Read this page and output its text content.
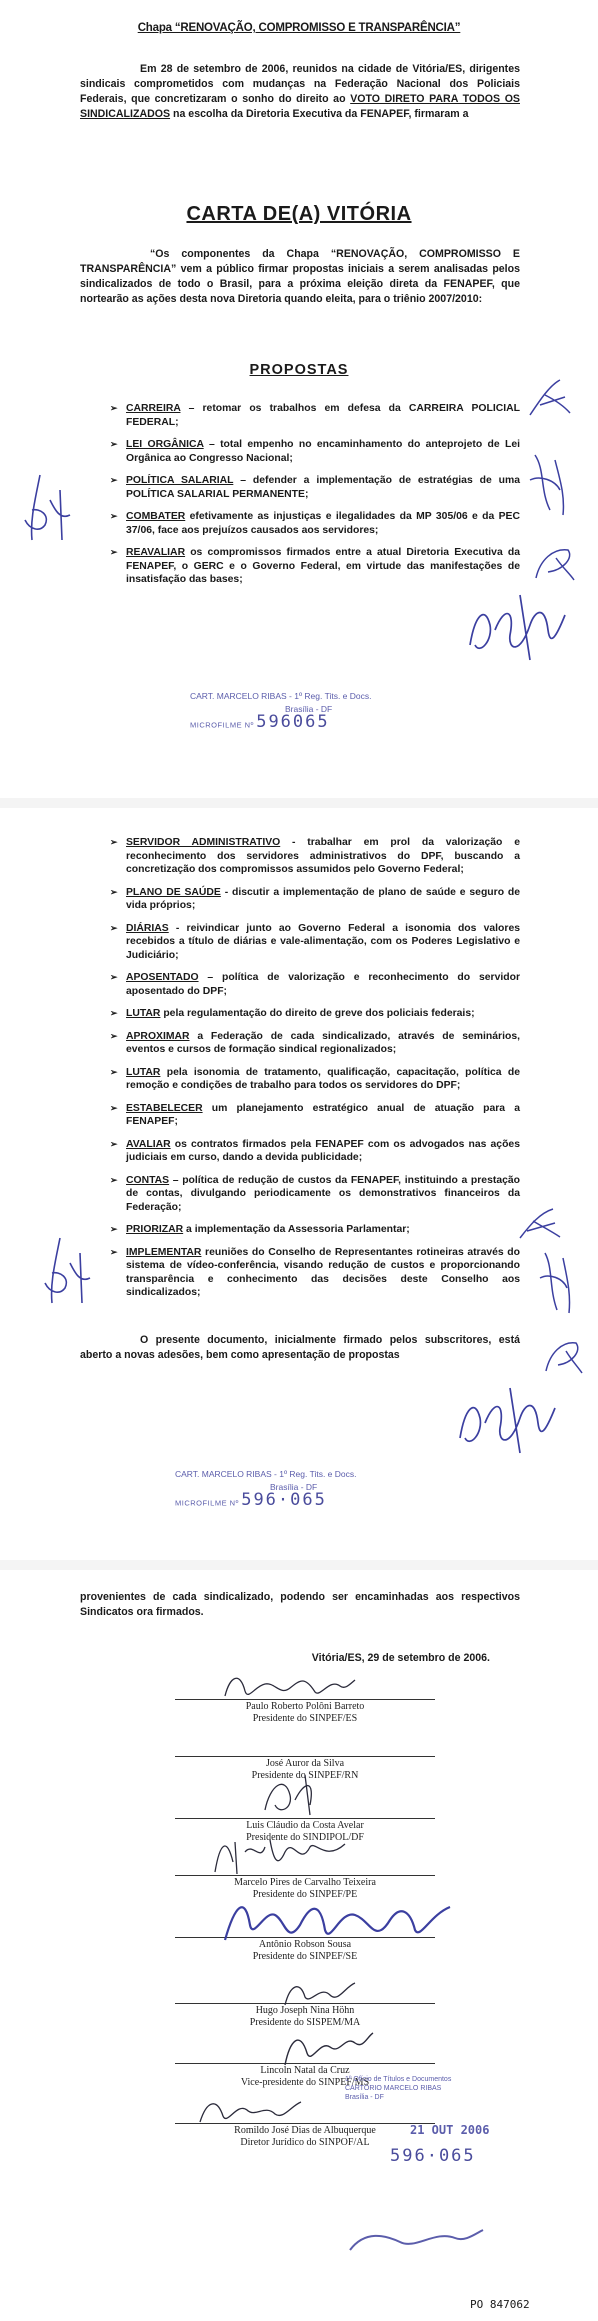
Chapa “RENOVAÇÃO, COMPROMISSO E TRANSPARÊNCIA”

Em 28 de setembro de 2006, reunidos na cidade de Vitória/ES, dirigentes sindicais comprometidos com mudanças na Federação Nacional dos Policiais Federais, que concretizaram o sonho do direito ao VOTO DIRETO PARA TODOS OS SINDICALIZADOS na escolha da Diretoria Executiva da FENAPEF, firmaram a

CARTA DE(A) VITÓRIA

“Os componentes da Chapa “RENOVAÇÃO, COMPROMISSO E TRANSPARÊNCIA” vem a público firmar propostas iniciais a serem analisadas pelos sindicalizados de todo o Brasil, para a próxima eleição direta da FENAPEF, que nortearão as ações desta nova Diretoria quando eleita, para o triênio 2007/2010:

PROPOSTAS
➢ CARREIRA – retomar os trabalhos em defesa da CARREIRA POLICIAL FEDERAL;
➢ LEI ORGÂNICA – total empenho no encaminhamento do anteprojeto de Lei Orgânica ao Congresso Nacional;
➢ POLÍTICA SALARIAL – defender a implementação de estratégias de uma POLÍTICA SALARIAL PERMANENTE;
➢ COMBATER efetivamente as injustiças e ilegalidades da MP 305/06 e da PEC 37/06, face aos prejuízos causados aos servidores;
➢ REAVALIAR os compromissos firmados entre a atual Diretoria Executiva da FENAPEF, o GERC e o Governo Federal, em virtude das manifestações de insatisfação das bases;
CART. MARCELO RIBAS - 1º Reg. Tits. e Docs.
Brasília - DF
MICROFILME Nº 596065
➢ SERVIDOR ADMINISTRATIVO - trabalhar em prol da valorização e reconhecimento dos servidores administrativos do DPF, buscando a concretização dos compromissos assumidos pelo Governo Federal;
➢ PLANO DE SAÚDE - discutir a implementação de plano de saúde e seguro de vida próprios;
➢ DIÁRIAS - reivindicar junto ao Governo Federal a isonomia dos valores recebidos a título de diárias e vale-alimentação, com os Poderes Legislativo e Judiciário;
➢ APOSENTADO – política de valorização e reconhecimento do servidor aposentado do DPF;
➢ LUTAR pela regulamentação do direito de greve dos policiais federais;
➢ APROXIMAR a Federação de cada sindicalizado, através de seminários, eventos e cursos de formação sindical regionalizados;
➢ LUTAR pela isonomia de tratamento, qualificação, capacitação, política de remoção e condições de trabalho para todos os servidores do DPF;
➢ ESTABELECER um planejamento estratégico anual de atuação para a FENAPEF;
➢ AVALIAR os contratos firmados pela FENAPEF com os advogados nas ações judiciais em curso, dando a devida publicidade;
➢ CONTAS – política de redução de custos da FENAPEF, instituindo a prestação de contas, divulgando periodicamente os demonstrativos financeiros da Federação;
➢ PRIORIZAR a implementação da Assessoria Parlamentar;
➢ IMPLEMENTAR reuniões do Conselho de Representantes rotineiras através do sistema de vídeo-conferência, visando redução de custos e proporcionando transparência e conhecimento das decisões deste Conselho aos sindicalizados;

O presente documento, inicialmente firmado pelos subscritores, está aberto a novas adesões, bem como apresentação de propostas

CART. MARCELO RIBAS - 1º Reg. Tits. e Docs.
Brasília - DF
MICROFILME Nº 596·065
provenientes de cada sindicalizado, podendo ser encaminhadas aos respectivos Sindicatos ora firmados.
Vitória/ES, 29 de setembro de 2006.
Paulo Roberto Polôni Barreto
Presidente do SINPEF/ES
José Auror da Silva
Presidente do SINPEF/RN
Luis Cláudio da Costa Avelar
Presidente do SINDIPOL/DF
Marcelo Pires de Carvalho Teixeira
Presidente do SINPEF/PE
Antônio Robson Sousa
Presidente do SINPEF/SE
Hugo Joseph Nina Höhn
Presidente do SISPEM/MA
Lincoln Natal da Cruz
Vice-presidente do SINPEF/MS
Romildo José Dias de Albuquerque
Diretor Jurídico do SINPOF/AL
1º Ofício de Títulos e Documentos
CARTÓRIO MARCELO RIBAS
Brasília - DF
21 OUT 2006
596·065
PO 847062
